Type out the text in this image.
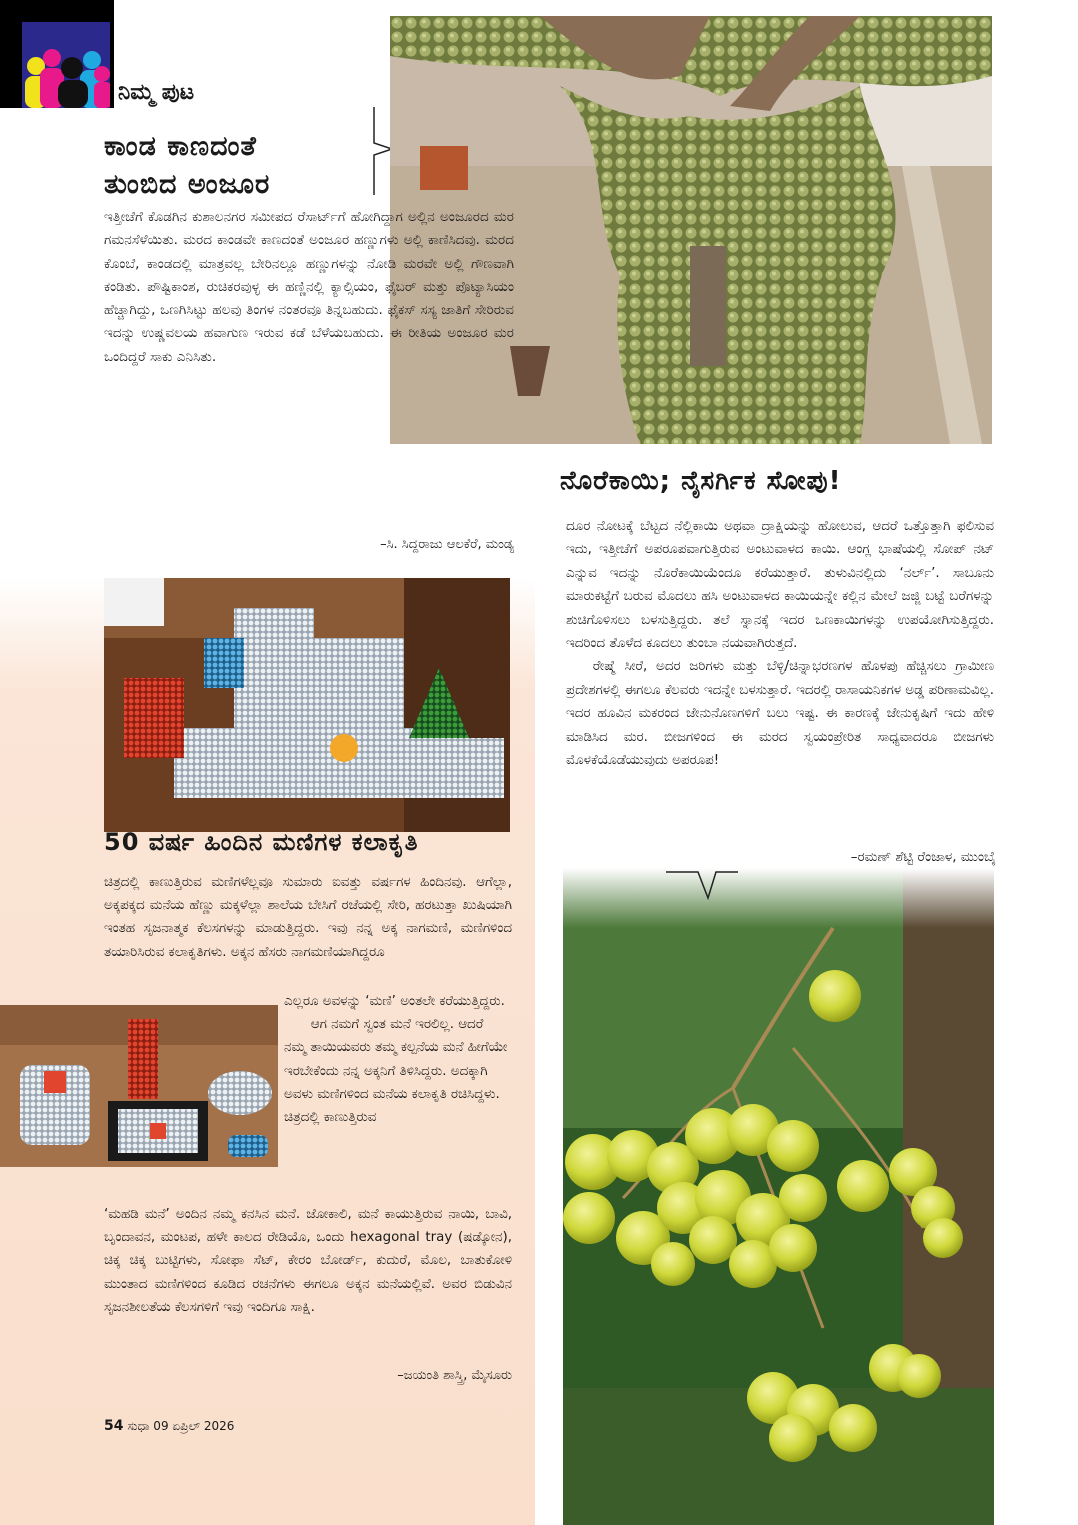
ನಿಮ್ಮ ಪುಟ
ಕಾಂಡ ಕಾಣದಂತೆ
ತುಂಬಿದ ಅಂಜೂರ

ಇತ್ತೀಚೆಗೆ ಕೊಡಗಿನ ಕುಶಾಲನಗರ ಸಮೀಪದ ರೆಸಾರ್ಟ್‌ಗೆ ಹೋಗಿದ್ದಾಗ ಅಲ್ಲಿನ ಅಂಜೂರದ ಮರ ಗಮನಸೆಳೆಯಿತು. ಮರದ ಕಾಂಡವೇ ಕಾಣದಂತೆ ಅಂಜೂರ ಹಣ್ಣುಗಳು ಅಲ್ಲಿ ಕಾಣಿಸಿದವು. ಮರದ ಕೊಂಬೆ, ಕಾಂಡದಲ್ಲಿ ಮಾತ್ರವಲ್ಲ ಬೇರಿನಲ್ಲೂ ಹಣ್ಣುಗಳನ್ನು ನೋಡಿ ಮರವೇ ಅಲ್ಲಿ ಗೌಣವಾಗಿ ಕಂಡಿತು. ಪೌಷ್ಟಿಕಾಂಶ, ರುಚಿಕರವುಳ್ಳ ಈ ಹಣ್ಣಿನಲ್ಲಿ ಕ್ಯಾಲ್ಸಿಯಂ, ಫೈಬರ್ ಮತ್ತು ಪೊಟ್ಯಾಸಿಯಂ ಹೆಚ್ಚಾಗಿದ್ದು, ಒಣಗಿಸಿಟ್ಟು ಹಲವು ತಿಂಗಳ ನಂತರವೂ ತಿನ್ನಬಹುದು. ಫೈಕಸ್ ಸಸ್ಯ ಜಾತಿಗೆ ಸೇರಿರುವ ಇದನ್ನು ಉಷ್ಣವಲಯ ಹವಾಗುಣ ಇರುವ ಕಡೆ ಬೆಳೆಯಬಹುದು. ಈ ರೀತಿಯ ಅಂಜೂರ ಮರ ಒಂದಿದ್ದರೆ ಸಾಕು ಎನಿಸಿತು.

–ಸಿ. ಸಿದ್ದರಾಜು ಆಲಕೆರೆ, ಮಂಡ್ಯ
50 ವರ್ಷ ಹಿಂದಿನ ಮಣಿಗಳ ಕಲಾಕೃತಿ

ಚಿತ್ರದಲ್ಲಿ ಕಾಣುತ್ತಿರುವ ಮಣಿಗಳೆಲ್ಲವೂ ಸುಮಾರು ಐವತ್ತು ವರ್ಷಗಳ ಹಿಂದಿನವು. ಆಗೆಲ್ಲಾ, ಅಕ್ಕಪಕ್ಕದ ಮನೆಯ ಹೆಣ್ಣು ಮಕ್ಕಳೆಲ್ಲಾ ಶಾಲೆಯ ಬೇಸಿಗೆ ರಜೆಯಲ್ಲಿ ಸೇರಿ, ಹರಟುತ್ತಾ ಖುಷಿಯಾಗಿ ಇಂತಹ ಸೃಜನಾತ್ಮಕ ಕೆಲಸಗಳನ್ನು ಮಾಡುತ್ತಿದ್ದರು. ಇವು ನನ್ನ ಅಕ್ಕ ನಾಗಮಣಿ, ಮಣಿಗಳಿಂದ ತಯಾರಿಸಿರುವ ಕಲಾಕೃತಿಗಳು. ಅಕ್ಕನ ಹೆಸರು ನಾಗಮಣಿಯಾಗಿದ್ದರೂ

ಎಲ್ಲರೂ ಅವಳನ್ನು ‘ಮಣಿ’ ಅಂತಲೇ ಕರೆಯುತ್ತಿದ್ದರು.

ಆಗ ನಮಗೆ ಸ್ವಂತ ಮನೆ ಇರಲಿಲ್ಲ. ಆದರೆ ನಮ್ಮ ತಾಯಿಯವರು ತಮ್ಮ ಕಲ್ಪನೆಯ ಮನೆ ಹೀಗೆಯೇ ಇರಬೇಕೆಂದು ನನ್ನ ಅಕ್ಕನಿಗೆ ತಿಳಿಸಿದ್ದರು. ಅದಕ್ಕಾಗಿ ಅವಳು ಮಣಿಗಳಿಂದ ಮನೆಯ ಕಲಾಕೃತಿ ರಚಿಸಿದ್ದಳು. ಚಿತ್ರದಲ್ಲಿ ಕಾಣುತ್ತಿರುವ

‘ಮಹಡಿ ಮನೆ’ ಅಂದಿನ ನಮ್ಮ ಕನಸಿನ ಮನೆ. ಜೋಕಾಲಿ, ಮನೆ ಕಾಯುತ್ತಿರುವ ನಾಯಿ, ಬಾವಿ, ಬೃಂದಾವನ, ಮಂಟಪ, ಹಳೇ ಕಾಲದ ರೇಡಿಯೊ, ಒಂದು hexagonal tray (ಷಡ್ಕೋನ), ಚಿಕ್ಕ ಚಿಕ್ಕ ಬುಟ್ಟಿಗಳು, ಸೋಫಾ ಸೆಟ್, ಕೇರಂ ಬೋರ್ಡ್, ಕುದುರೆ, ಮೊಲ, ಬಾತುಕೋಳಿ ಮುಂತಾದ ಮಣಿಗಳಿಂದ ಕೂಡಿದ ರಚನೆಗಳು ಈಗಲೂ ಅಕ್ಕನ ಮನೆಯಲ್ಲಿವೆ. ಅವರ ಬಿಡುವಿನ ಸೃಜನಶೀಲತೆಯ ಕೆಲಸಗಳಿಗೆ ಇವು ಇಂದಿಗೂ ಸಾಕ್ಷಿ.

–ಜಯಂತಿ ಶಾಸ್ತ್ರಿ, ಮೈಸೂರು
54 ಸುಧಾ 09 ಏಪ್ರಿಲ್ 2026
ನೊರೆಕಾಯಿ; ನೈಸರ್ಗಿಕ ಸೋಪು!

ದೂರ ನೋಟಕ್ಕೆ ಬೆಟ್ಟದ ನೆಲ್ಲಿಕಾಯಿ ಅಥವಾ ದ್ರಾಕ್ಷಿಯನ್ನು ಹೋಲುವ, ಆದರೆ ಒತ್ತೊತ್ತಾಗಿ ಫಲಿಸುವ ಇದು, ಇತ್ತೀಚೆಗೆ ಅಪರೂಪವಾಗುತ್ತಿರುವ ಅಂಟುವಾಳದ ಕಾಯಿ. ಆಂಗ್ಲ ಭಾಷೆಯಲ್ಲಿ ಸೋಪ್ ನಟ್ ಎನ್ನುವ ಇದನ್ನು ನೊರೆಕಾಯಿಯೆಂದೂ ಕರೆಯುತ್ತಾರೆ. ತುಳುವಿನಲ್ಲಿದು ‘ನರ್ಲ್’. ಸಾಬೂನು ಮಾರುಕಟ್ಟೆಗೆ ಬರುವ ಮೊದಲು ಹಸಿ ಅಂಟುವಾಳದ ಕಾಯಿಯನ್ನೇ ಕಲ್ಲಿನ ಮೇಲೆ ಜಜ್ಜಿ ಬಟ್ಟೆ ಬರೆಗಳನ್ನು ಶುಚಿಗೊಳಿಸಲು ಬಳಸುತ್ತಿದ್ದರು. ತಲೆ ಸ್ನಾನಕ್ಕೆ ಇದರ ಒಣಕಾಯಿಗಳನ್ನು ಉಪಯೋಗಿಸುತ್ತಿದ್ದರು. ಇದರಿಂದ ತೊಳೆದ ಕೂದಲು ತುಂಬಾ ನಯವಾಗಿರುತ್ತದೆ.

ರೇಷ್ಮೆ ಸೀರೆ, ಅದರ ಜರಿಗಳು ಮತ್ತು ಬೆಳ್ಳಿ/ಚಿನ್ನಾಭರಣಗಳ ಹೊಳಪು ಹೆಚ್ಚಿಸಲು ಗ್ರಾಮೀಣ ಪ್ರದೇಶಗಳಲ್ಲಿ ಈಗಲೂ ಕೆಲವರು ಇದನ್ನೇ ಬಳಸುತ್ತಾರೆ. ಇದರಲ್ಲಿ ರಾಸಾಯನಿಕಗಳ ಅಡ್ಡ ಪರಿಣಾಮವಿಲ್ಲ. ಇದರ ಹೂವಿನ ಮಕರಂದ ಜೇನುನೊಣಗಳಿಗೆ ಬಲು ಇಷ್ಟ. ಈ ಕಾರಣಕ್ಕೆ ಜೇನುಕೃಷಿಗೆ ಇದು ಹೇಳಿ ಮಾಡಿಸಿದ ಮರ. ಬೀಜಗಳಿಂದ ಈ ಮರದ ಸ್ವಯಂಪ್ರೇರಿತ ಸಾಧ್ಯವಾದರೂ ಬೀಜಗಳು ಮೊಳಕೆಯೊಡೆಯುವುದು ಅಪರೂಪ!

–ರಮಣ್ ಶೆಟ್ಟಿ ರೆಂಜಾಳ, ಮುಂಬೈ
